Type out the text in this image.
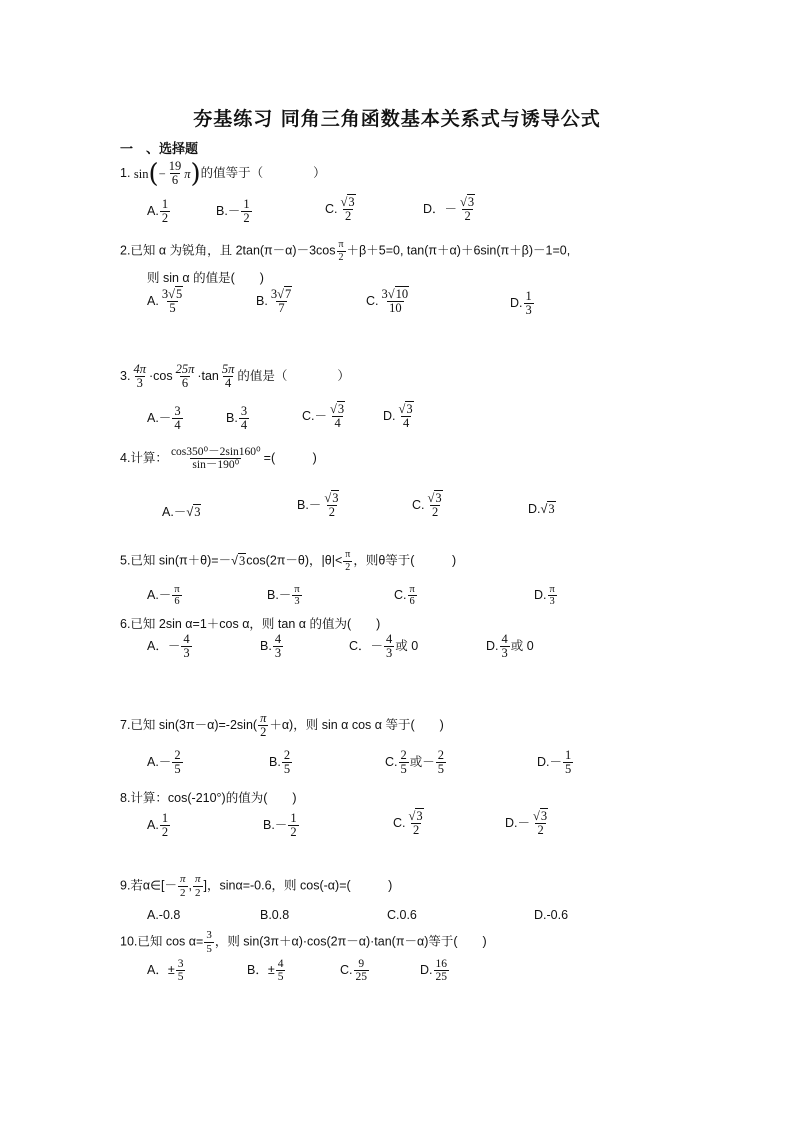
夯基练习 同角三角函数基本关系式与诱导公式
一　、选择题
1. $\sin(- \frac{19}{6} \pi)$的值等于（　　　　）
A. $\frac{1}{2}$	$B.- \frac{1}{2}$	C. $\frac{√3}{2}$	D．－ $\frac{√3}{2}$
2.已知 α 为锐角，且 $2\tan(\pi-\alpha)-3\cos \frac{\pi}{2} +\beta+5=0$, tan(π＋α)＋6sin(π＋β)－1=0,
则 sin α 的值是(　　)
A. $\frac{3√5}{5}$	B. $\frac{3√7}{7}$	C. $\frac{3√10}{10}$	D. $\frac{1}{3}$
3. $\frac{4\pi}{3} \cdot\cos \frac{25\pi}{6} \cdot\tan \frac{5\pi}{4}$ 的值是（　　　　）
$A.- \frac{3}{4}$	B. $\frac{3}{4}$	$C.- \frac{√3}{4}$	D. $\frac{√3}{4}$
4.计算： $\frac{\text{cos350⁰－2sin160⁰}}{\text{sin－190⁰}}$ =(　　　)
A.－√3	$B.- \frac{√3}{2}$	C. $\frac{√3}{2}$	D.√3
5.已知 sin(π＋θ)=－√3cos(2π－θ)，$|\theta|< \frac{\pi}{2}$ ，则θ等于(　　　)
$A.- \frac{\pi}{6}$	$B.- \frac{\pi}{3}$	C. $\frac{\pi}{6}$	D. $\frac{\pi}{3}$
6.已知 2sin α=1＋cos α，则 tan α 的值为(　　)
A．－ $\frac{4}{3}$	B. $\frac{4}{3}$	C．－ $\frac{4}{3}$ 或 0	D. $\frac{4}{3}$ 或 0
7.已知 $\sin(3\pi-\alpha)=-2\sin( \frac{\pi}{2} +\alpha)$，则 sin α cos α 等于(　　)
$A.- \frac{2}{5}$	B. $\frac{2}{5}$	C. $\frac{2}{5}$ 或－ $\frac{2}{5}$	$D.- \frac{1}{5}$
8.计算：cos(-210°)的值为(　　)
A. $\frac{1}{2}$	$B.- \frac{1}{2}$	C. $\frac{√3}{2}$	$D.- \frac{√3}{2}$
9.若α∈[－ $\frac{\pi}{2}$ , $\frac{\pi}{2}$ ]，sinα=-0.6，则 cos(-α)=(　　　)
A.-0.8	B.0.8	C.0.6	D.-0.6
10.已知 $\cos \alpha= \frac{3}{5}$ ，则 sin(3π＋α)·cos(2π－α)·tan(π－α)等于(　　)
A．± $\frac{3}{5}$	B．± $\frac{4}{5}$	C. $\frac{9}{25}$	D. $\frac{16}{25}$
